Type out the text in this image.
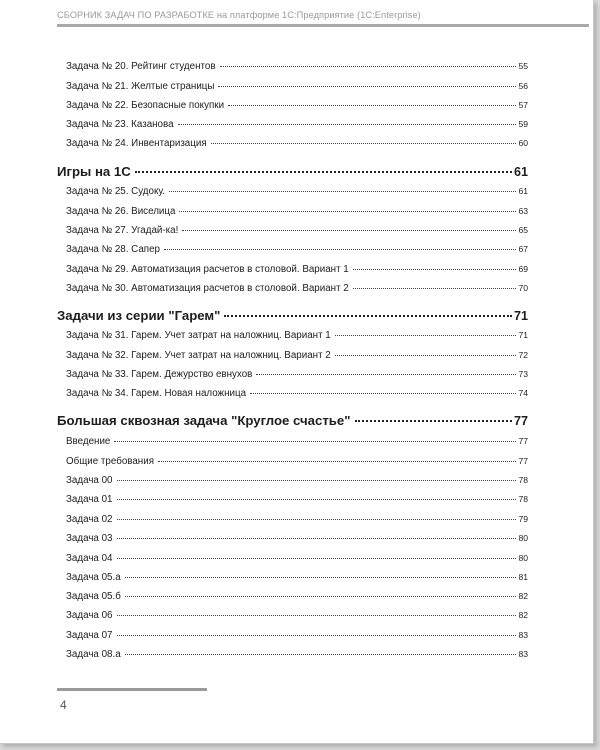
СБОРНИК ЗАДАЧ ПО РАЗРАБОТКЕ на платформе 1С:Предприятие (1С:Enterprise)
Задача № 20. Рейтинг студентов	55
Задача № 21. Желтые страницы	56
Задача № 22. Безопасные покупки	57
Задача № 23. Казанова	59
Задача № 24. Инвентаризация	60
Игры на 1С	61
Задача № 25. Судоку.	61
Задача № 26. Виселица	63
Задача № 27. Угадай-ка!	65
Задача № 28. Сапер	67
Задача № 29. Автоматизация расчетов в столовой. Вариант 1	69
Задача № 30. Автоматизация расчетов в столовой. Вариант 2	70
Задачи из серии "Гарем"	71
Задача № 31. Гарем. Учет затрат на наложниц. Вариант 1	71
Задача № 32. Гарем. Учет затрат на наложниц. Вариант 2	72
Задача № 33. Гарем. Дежурство евнухов	73
Задача № 34. Гарем. Новая наложница	74
Большая сквозная задача "Круглое счастье"	77
Введение	77
Общие требования	77
Задача 00	78
Задача 01	78
Задача 02	79
Задача 03	80
Задача 04	80
Задача 05.а	81
Задача 05.б	82
Задача 06	82
Задача 07	83
Задача 08.а	83
4
